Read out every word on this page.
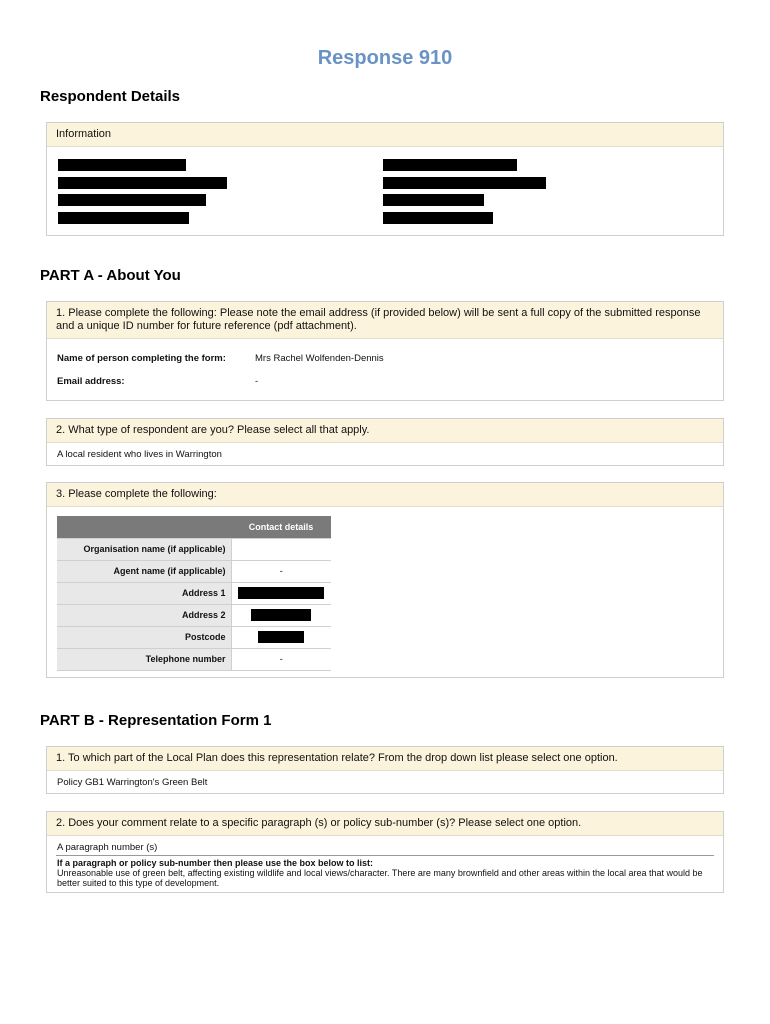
Response 910
Respondent Details
Information
PART A - About You
1. Please complete the following: Please note the email address (if provided below) will be sent a full copy of the submitted response and a unique ID number for future reference (pdf attachment).
Name of person completing the form:	Mrs Rachel Wolfenden-Dennis
Email address:	-
2. What type of respondent are you? Please select all that apply.
A local resident who lives in Warrington
3. Please complete the following:
	Contact details
Organisation name (if applicable)	
Agent name (if applicable)	-
Address 1	
Address 2	
Postcode	
Telephone number	-
PART B - Representation Form 1
1. To which part of the Local Plan does this representation relate? From the drop down list please select one option.
Policy GB1 Warrington's Green Belt
2. Does your comment relate to a specific paragraph (s) or policy sub-number (s)? Please select one option.
A paragraph number (s)
If a paragraph or policy sub-number then please use the box below to list:
Unreasonable use of green belt, affecting existing wildlife and local views/character. There are many brownfield and other areas within the local area that would be better suited to this type of development.
